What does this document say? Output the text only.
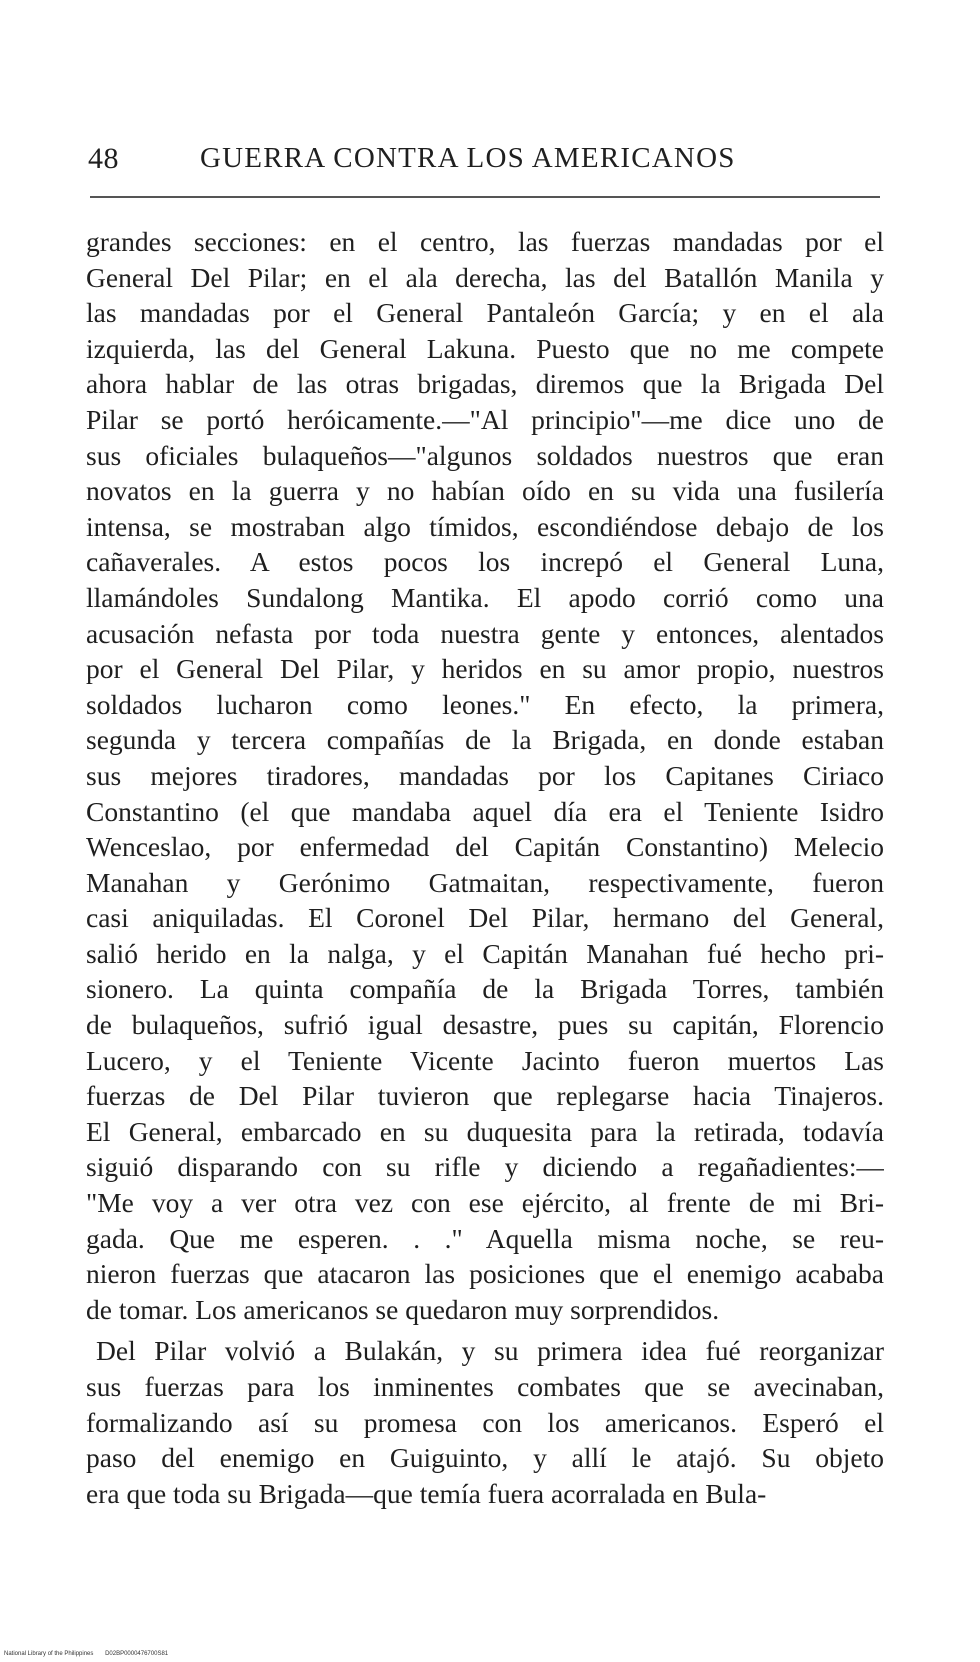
48	GUERRA CONTRA LOS AMERICANOS
grandes secciones: en el centro, las fuerzas mandadas por el
General Del Pilar; en el ala derecha, las del Batallón Manila y
las mandadas por el General Pantaleón García; y en el ala
izquierda, las del General Lakuna. Puesto que no me compete
ahora hablar de las otras brigadas, diremos que la Brigada Del
Pilar se portó heróicamente.—"Al principio"—me dice uno de
sus oficiales bulaqueños—"algunos soldados nuestros que eran
novatos en la guerra y no habían oído en su vida una fusilería
intensa, se mostraban algo tímidos, escondiéndose debajo de los
cañaverales. A estos pocos los increpó el General Luna,
llamándoles Sundalong Mantika. El apodo corrió como una
acusación nefasta por toda nuestra gente y entonces, alentados
por el General Del Pilar, y heridos en su amor propio, nuestros
soldados lucharon como leones." En efecto, la primera,
segunda y tercera compañías de la Brigada, en donde estaban
sus mejores tiradores, mandadas por los Capitanes Ciriaco
Constantino (el que mandaba aquel día era el Teniente Isidro
Wenceslao, por enfermedad del Capitán Constantino) Melecio
Manahan y Gerónimo Gatmaitan, respectivamente, fueron
casi aniquiladas. El Coronel Del Pilar, hermano del General,
salió herido en la nalga, y el Capitán Manahan fué hecho pri-
sionero. La quinta compañía de la Brigada Torres, también
de bulaqueños, sufrió igual desastre, pues su capitán, Florencio
Lucero, y el Teniente Vicente Jacinto fueron muertos Las
fuerzas de Del Pilar tuvieron que replegarse hacia Tinajeros.
El General, embarcado en su duquesita para la retirada, todavía
siguió disparando con su rifle y diciendo a regañadientes:—
"Me voy a ver otra vez con ese ejército, al frente de mi Bri-
gada. Que me esperen. . ." Aquella misma noche, se reu-
nieron fuerzas que atacaron las posiciones que el enemigo acababa
de tomar. Los americanos se quedaron muy sorprendidos.
Del Pilar volvió a Bulakán, y su primera idea fué reorganizar
sus fuerzas para los inminentes combates que se avecinaban,
formalizando así su promesa con los americanos. Esperó el
paso del enemigo en Guiguinto, y allí le atajó. Su objeto
era que toda su Brigada—que temía fuera acorralada en Bula-
National Library of the Philippines D02BP0000476700S81
